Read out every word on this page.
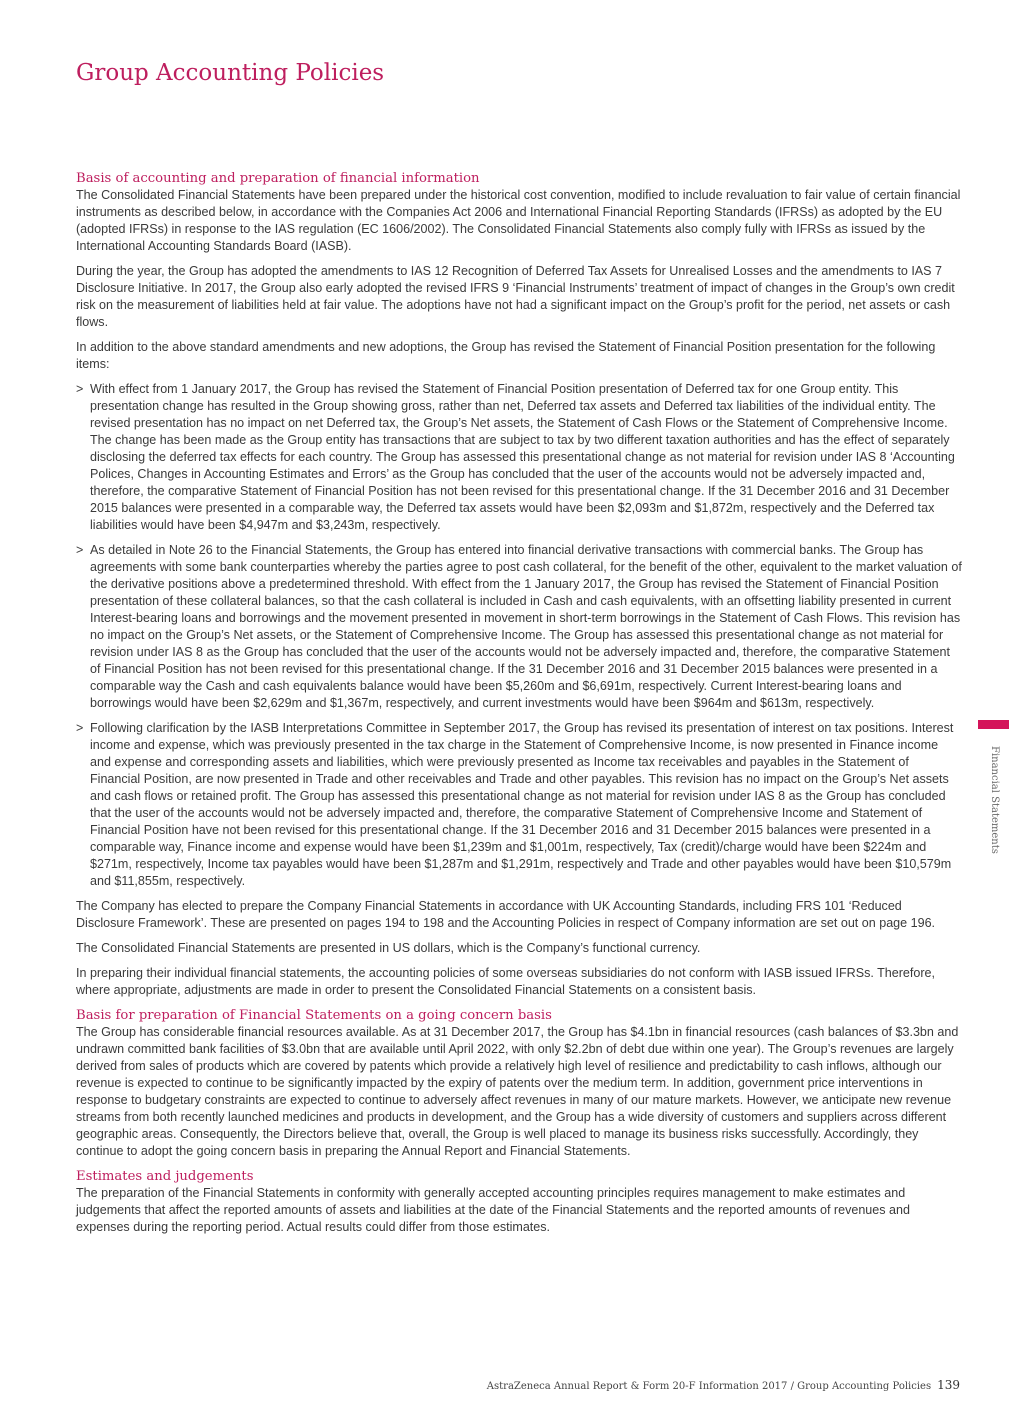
Group Accounting Policies
Basis of accounting and preparation of financial information

The Consolidated Financial Statements have been prepared under the historical cost convention, modified to include revaluation to fair value of certain financial instruments as described below, in accordance with the Companies Act 2006 and International Financial Reporting Standards (IFRSs) as adopted by the EU (adopted IFRSs) in response to the IAS regulation (EC 1606/2002). The Consolidated Financial Statements also comply fully with IFRSs as issued by the International Accounting Standards Board (IASB).

During the year, the Group has adopted the amendments to IAS 12 Recognition of Deferred Tax Assets for Unrealised Losses and the amendments to IAS 7 Disclosure Initiative. In 2017, the Group also early adopted the revised IFRS 9 ‘Financial Instruments’ treatment of impact of changes in the Group’s own credit risk on the measurement of liabilities held at fair value. The adoptions have not had a significant impact on the Group’s profit for the period, net assets or cash flows.

In addition to the above standard amendments and new adoptions, the Group has revised the Statement of Financial Position presentation for the following items:

> With effect from 1 January 2017, the Group has revised the Statement of Financial Position presentation of Deferred tax for one Group entity. This presentation change has resulted in the Group showing gross, rather than net, Deferred tax assets and Deferred tax liabilities of the individual entity. The revised presentation has no impact on net Deferred tax, the Group’s Net assets, the Statement of Cash Flows or the Statement of Comprehensive Income. The change has been made as the Group entity has transactions that are subject to tax by two different taxation authorities and has the effect of separately disclosing the deferred tax effects for each country. The Group has assessed this presentational change as not material for revision under IAS 8 ‘Accounting Polices, Changes in Accounting Estimates and Errors’ as the Group has concluded that the user of the accounts would not be adversely impacted and, therefore, the comparative Statement of Financial Position has not been revised for this presentational change. If the 31 December 2016 and 31 December 2015 balances were presented in a comparable way, the Deferred tax assets would have been $2,093m and $1,872m, respectively and the Deferred tax liabilities would have been $4,947m and $3,243m, respectively.
> As detailed in Note 26 to the Financial Statements, the Group has entered into financial derivative transactions with commercial banks. The Group has agreements with some bank counterparties whereby the parties agree to post cash collateral, for the benefit of the other, equivalent to the market valuation of the derivative positions above a predetermined threshold. With effect from the 1 January 2017, the Group has revised the Statement of Financial Position presentation of these collateral balances, so that the cash collateral is included in Cash and cash equivalents, with an offsetting liability presented in current Interest-bearing loans and borrowings and the movement presented in movement in short-term borrowings in the Statement of Cash Flows. This revision has no impact on the Group’s Net assets, or the Statement of Comprehensive Income. The Group has assessed this presentational change as not material for revision under IAS 8 as the Group has concluded that the user of the accounts would not be adversely impacted and, therefore, the comparative Statement of Financial Position has not been revised for this presentational change. If the 31 December 2016 and 31 December 2015 balances were presented in a comparable way the Cash and cash equivalents balance would have been $5,260m and $6,691m, respectively. Current Interest-bearing loans and borrowings would have been $2,629m and $1,367m, respectively, and current investments would have been $964m and $613m, respectively.
> Following clarification by the IASB Interpretations Committee in September 2017, the Group has revised its presentation of interest on tax positions. Interest income and expense, which was previously presented in the tax charge in the Statement of Comprehensive Income, is now presented in Finance income and expense and corresponding assets and liabilities, which were previously presented as Income tax receivables and payables in the Statement of Financial Position, are now presented in Trade and other receivables and Trade and other payables. This revision has no impact on the Group’s Net assets and cash flows or retained profit. The Group has assessed this presentational change as not material for revision under IAS 8 as the Group has concluded that the user of the accounts would not be adversely impacted and, therefore, the comparative Statement of Comprehensive Income and Statement of Financial Position have not been revised for this presentational change. If the 31 December 2016 and 31 December 2015 balances were presented in a comparable way, Finance income and expense would have been $1,239m and $1,001m, respectively, Tax (credit)/charge would have been $224m and $271m, respectively, Income tax payables would have been $1,287m and $1,291m, respectively and Trade and other payables would have been $10,579m and $11,855m, respectively.

The Company has elected to prepare the Company Financial Statements in accordance with UK Accounting Standards, including FRS 101 ‘Reduced Disclosure Framework’. These are presented on pages 194 to 198 and the Accounting Policies in respect of Company information are set out on page 196.

The Consolidated Financial Statements are presented in US dollars, which is the Company’s functional currency.

In preparing their individual financial statements, the accounting policies of some overseas subsidiaries do not conform with IASB issued IFRSs. Therefore, where appropriate, adjustments are made in order to present the Consolidated Financial Statements on a consistent basis.

Basis for preparation of Financial Statements on a going concern basis

The Group has considerable financial resources available. As at 31 December 2017, the Group has $4.1bn in financial resources (cash balances of $3.3bn and undrawn committed bank facilities of $3.0bn that are available until April 2022, with only $2.2bn of debt due within one year). The Group’s revenues are largely derived from sales of products which are covered by patents which provide a relatively high level of resilience and predictability to cash inflows, although our revenue is expected to continue to be significantly impacted by the expiry of patents over the medium term. In addition, government price interventions in response to budgetary constraints are expected to continue to adversely affect revenues in many of our mature markets. However, we anticipate new revenue streams from both recently launched medicines and products in development, and the Group has a wide diversity of customers and suppliers across different geographic areas. Consequently, the Directors believe that, overall, the Group is well placed to manage its business risks successfully. Accordingly, they continue to adopt the going concern basis in preparing the Annual Report and Financial Statements.

Estimates and judgements

The preparation of the Financial Statements in conformity with generally accepted accounting principles requires management to make estimates and judgements that affect the reported amounts of assets and liabilities at the date of the Financial Statements and the reported amounts of revenues and expenses during the reporting period. Actual results could differ from those estimates.

Financial Statements
AstraZeneca Annual Report & Form 20-F Information 2017 / Group Accounting Policies 139
